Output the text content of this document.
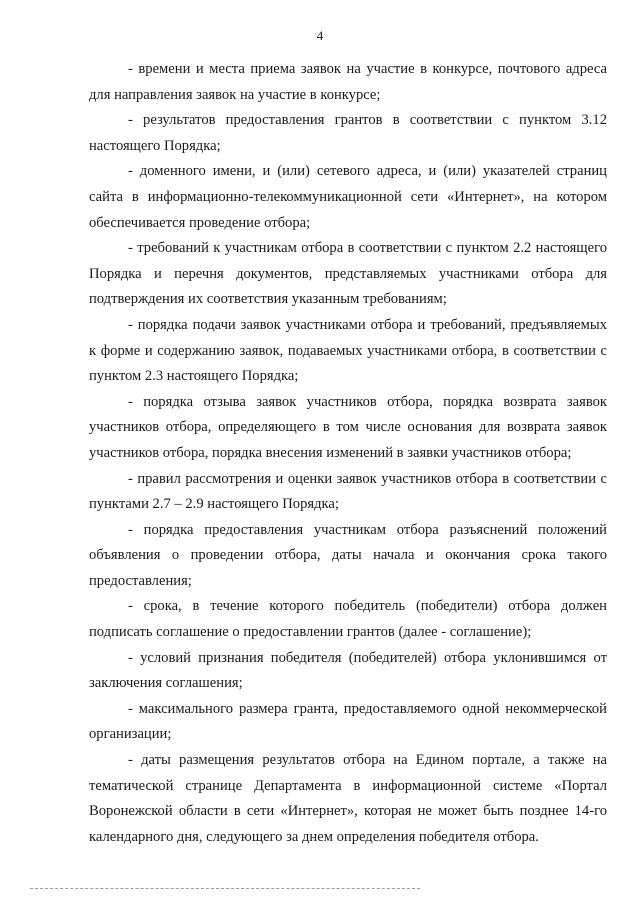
4

- времени и места приема заявок на участие в конкурсе, почтового адреса для направления заявок на участие в конкурсе;

- результатов предоставления грантов в соответствии с пунктом 3.12 настоящего Порядка;

- доменного имени, и (или) сетевого адреса, и (или) указателей страниц сайта в информационно-телекоммуникационной сети «Интернет», на котором обеспечивается проведение отбора;

- требований к участникам отбора в соответствии с пунктом 2.2 настоящего Порядка и перечня документов, представляемых участниками отбора для подтверждения их соответствия указанным требованиям;

- порядка подачи заявок участниками отбора и требований, предъявляемых к форме и содержанию заявок, подаваемых участниками отбора, в соответствии с пунктом 2.3 настоящего Порядка;

- порядка отзыва заявок участников отбора, порядка возврата заявок участников отбора, определяющего в том числе основания для возврата заявок участников отбора, порядка внесения изменений в заявки участников отбора;

- правил рассмотрения и оценки заявок участников отбора в соответствии с пунктами 2.7 – 2.9 настоящего Порядка;

- порядка предоставления участникам отбора разъяснений положений объявления о проведении отбора, даты начала и окончания срока такого предоставления;

- срока, в течение которого победитель (победители) отбора должен подписать соглашение о предоставлении грантов (далее - соглашение);

- условий признания победителя (победителей) отбора уклонившимся от заключения соглашения;

- максимального размера гранта, предоставляемого одной некоммерческой организации;

- даты размещения результатов отбора на Едином портале, а также на тематической странице Департамента в информационной системе «Портал Воронежской области в сети «Интернет», которая не может быть позднее 14-го календарного дня, следующего за днем определения победителя отбора.
